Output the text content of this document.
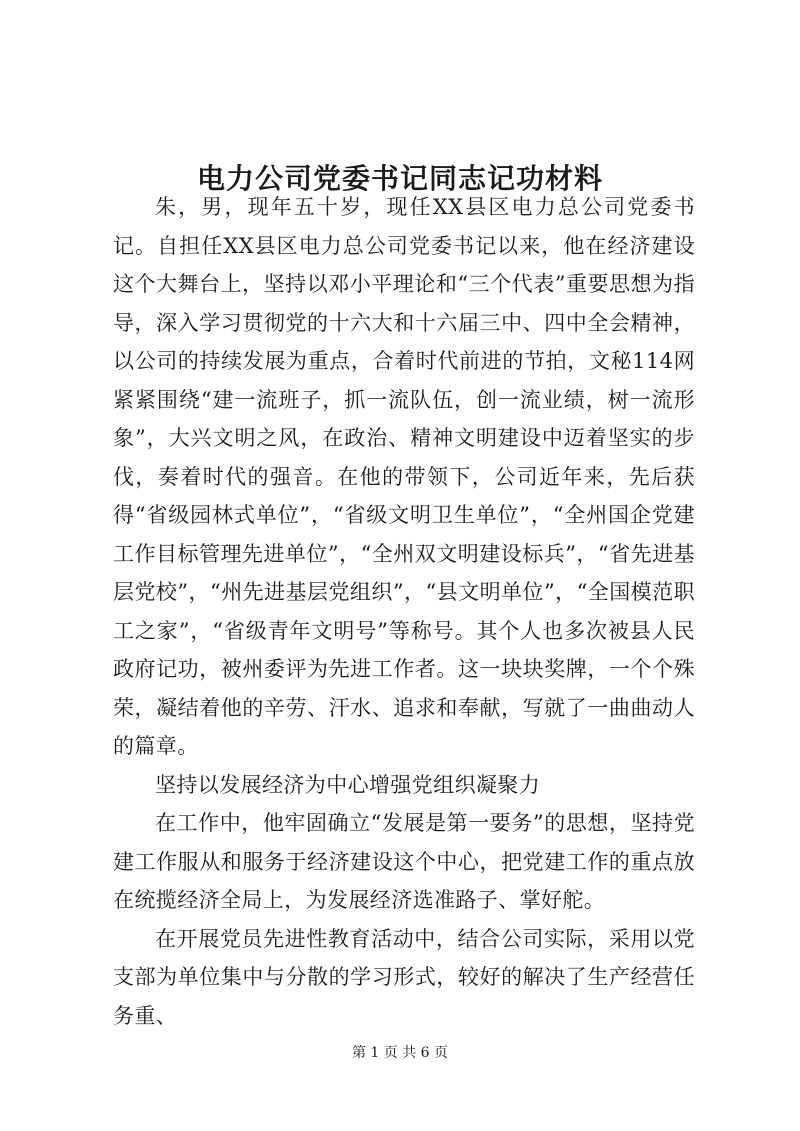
电力公司党委书记同志记功材料

朱，男，现年五十岁，现任XX县区电力总公司党委书记。自担任XX县区电力总公司党委书记以来，他在经济建设这个大舞台上，坚持以邓小平理论和“三个代表”重要思想为指导，深入学习贯彻党的十六大和十六届三中、四中全会精神，以公司的持续发展为重点，合着时代前进的节拍，文秘114网紧紧围绕“建一流班子，抓一流队伍，创一流业绩，树一流形象”，大兴文明之风，在政治、精神文明建设中迈着坚实的步伐，奏着时代的强音。在他的带领下，公司近年来，先后获得“省级园林式单位”，“省级文明卫生单位”，“全州国企党建工作目标管理先进单位”，“全州双文明建设标兵”，“省先进基层党校”，“州先进基层党组织”，“县文明单位”，“全国模范职工之家”，“省级青年文明号”等称号。其个人也多次被县人民政府记功，被州委评为先进工作者。这一块块奖牌，一个个殊荣，凝结着他的辛劳、汗水、追求和奉献，写就了一曲曲动人的篇章。

坚持以发展经济为中心增强党组织凝聚力

在工作中，他牢固确立“发展是第一要务”的思想，坚持党建工作服从和服务于经济建设这个中心，把党建工作的重点放在统揽经济全局上，为发展经济选准路子、掌好舵。

在开展党员先进性教育活动中，结合公司实际，采用以党支部为单位集中与分散的学习形式，较好的解决了生产经营任务重、

第 1 页 共 6 页
